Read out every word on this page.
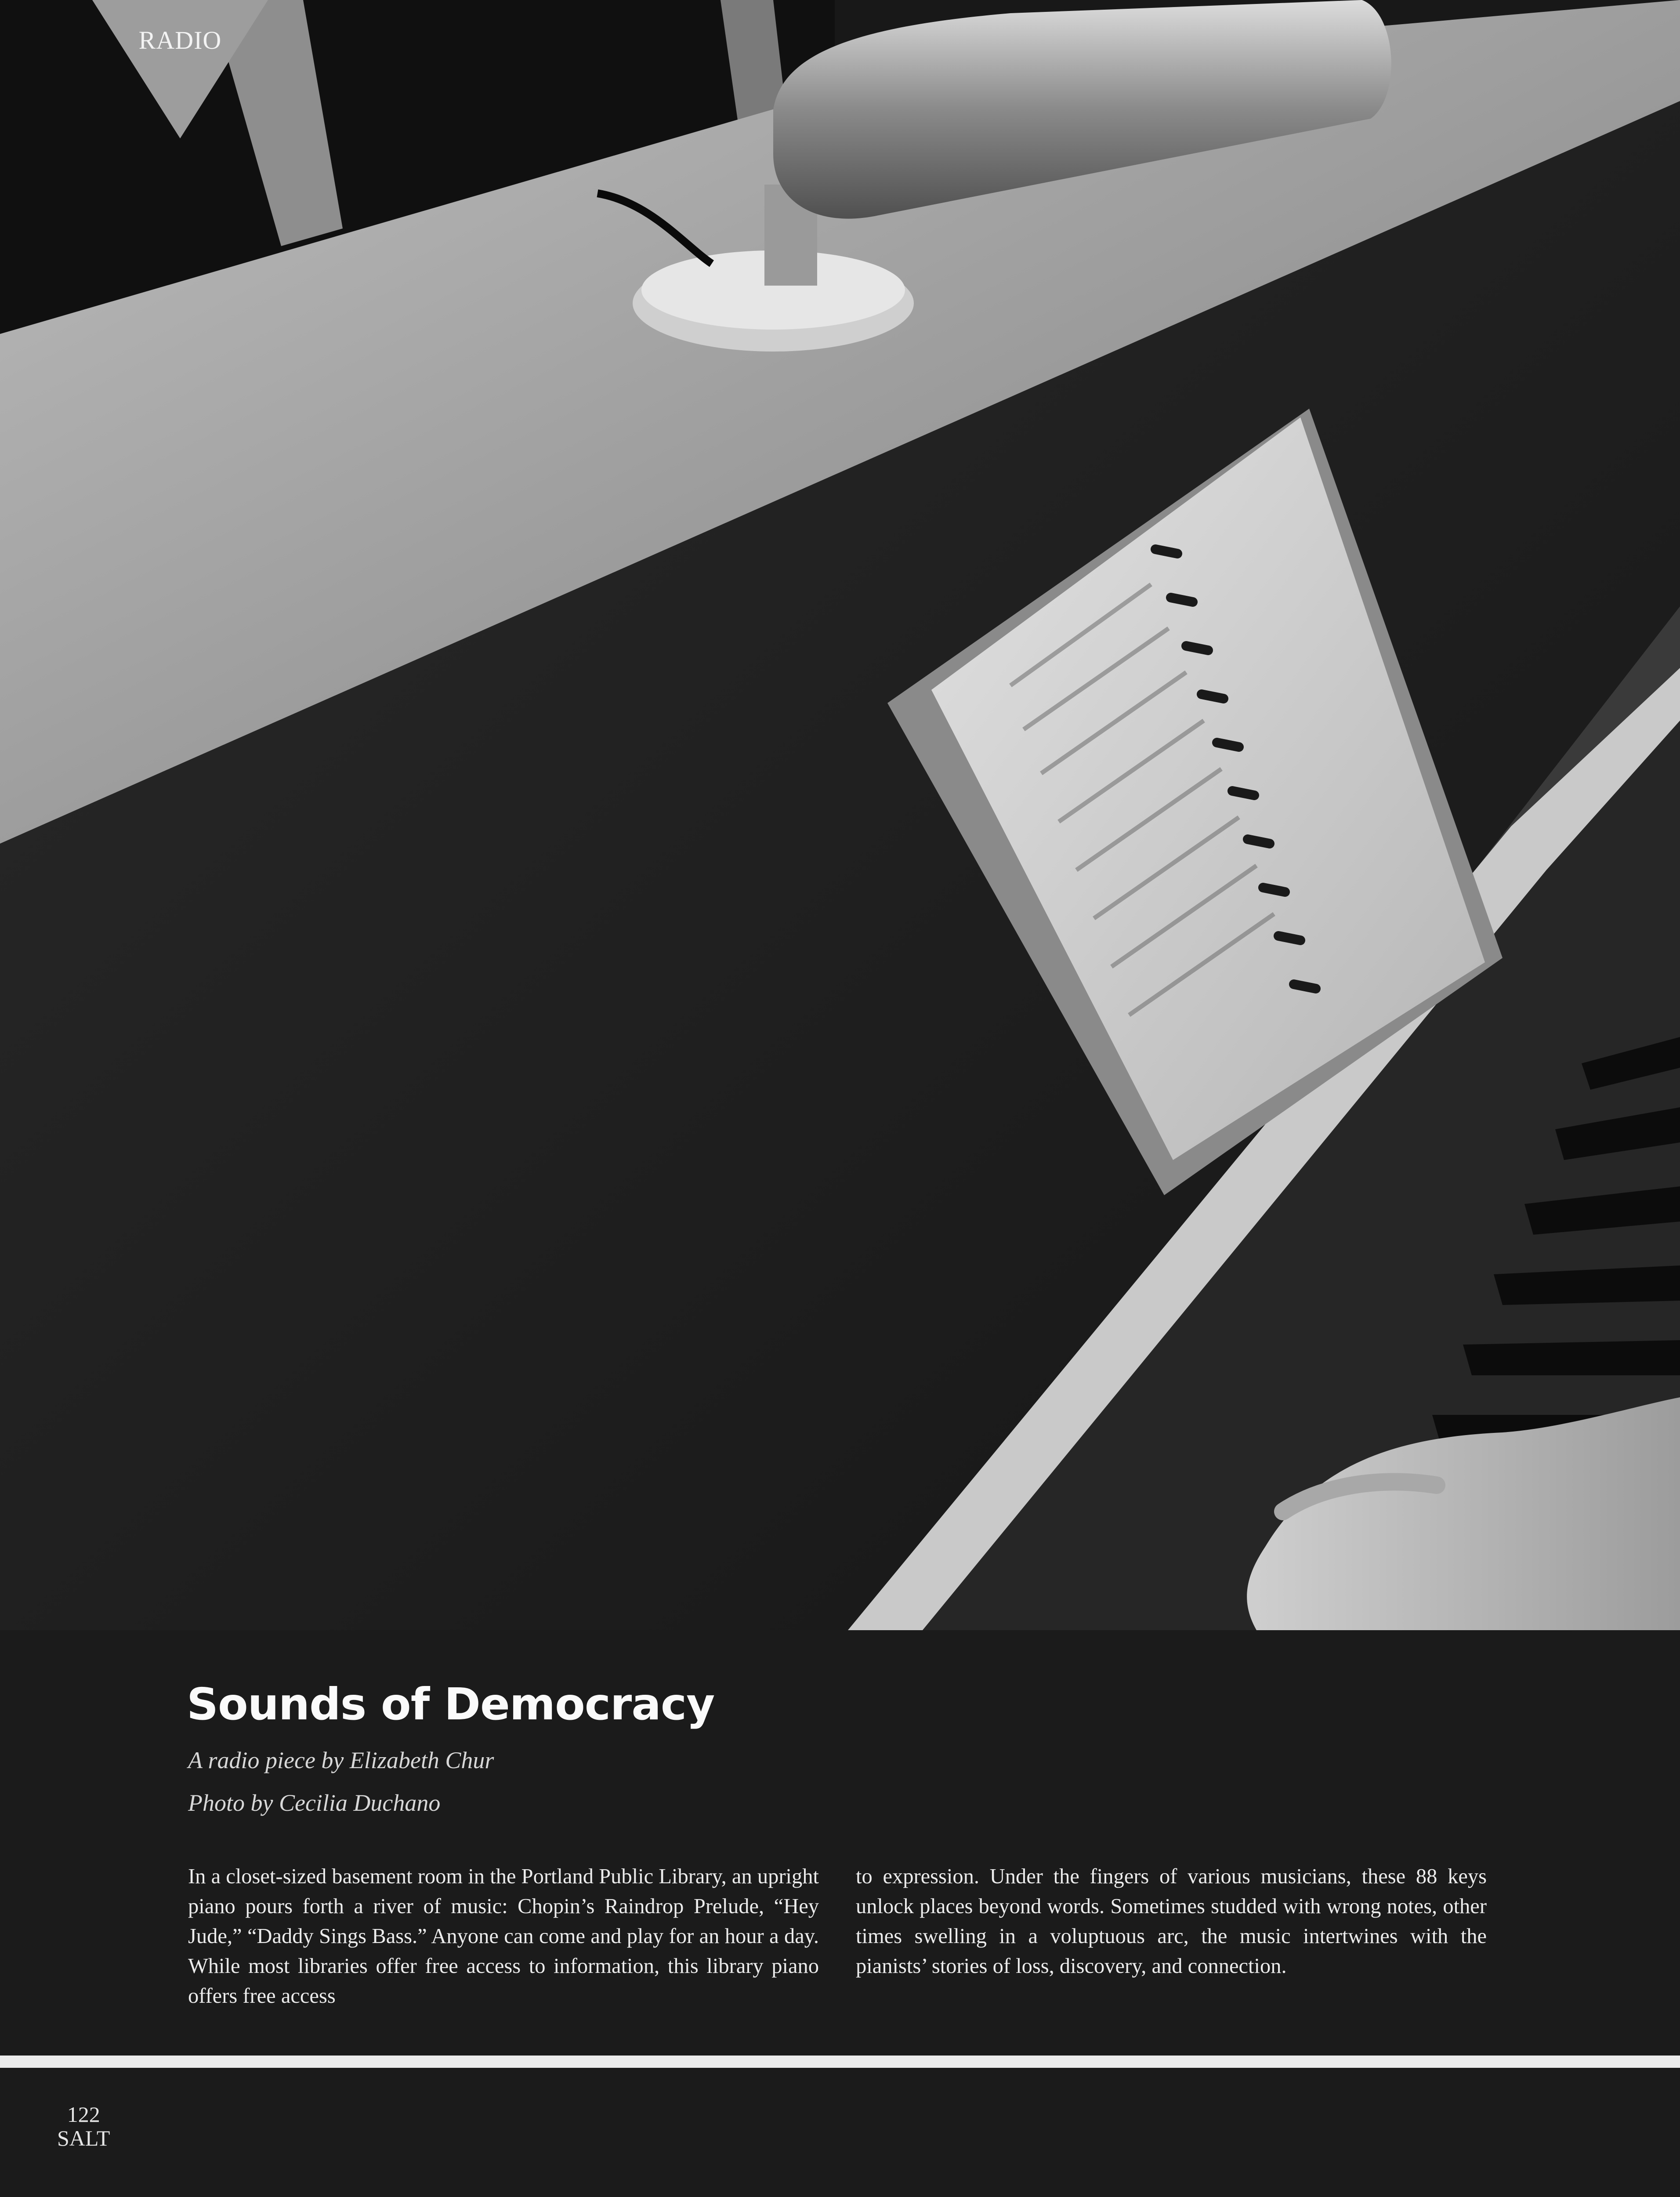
RADIO
Sounds of Democracy
A radio piece by Elizabeth Chur
Photo by Cecilia Duchano
In a closet-sized basement room in the Portland Public Library, an upright piano pours forth a river of music: Chopin’s Raindrop Prelude, “Hey Jude,” “Daddy Sings Bass.” Anyone can come and play for an hour a day. While most libraries offer free access to information, this library piano offers free access
to expression. Under the fingers of various musicians, these 88 keys unlock places beyond words. Sometimes studded with wrong notes, other times swelling in a voluptuous arc, the music intertwines with the pianists’ stories of loss, discovery, and connection.
122
SALT
